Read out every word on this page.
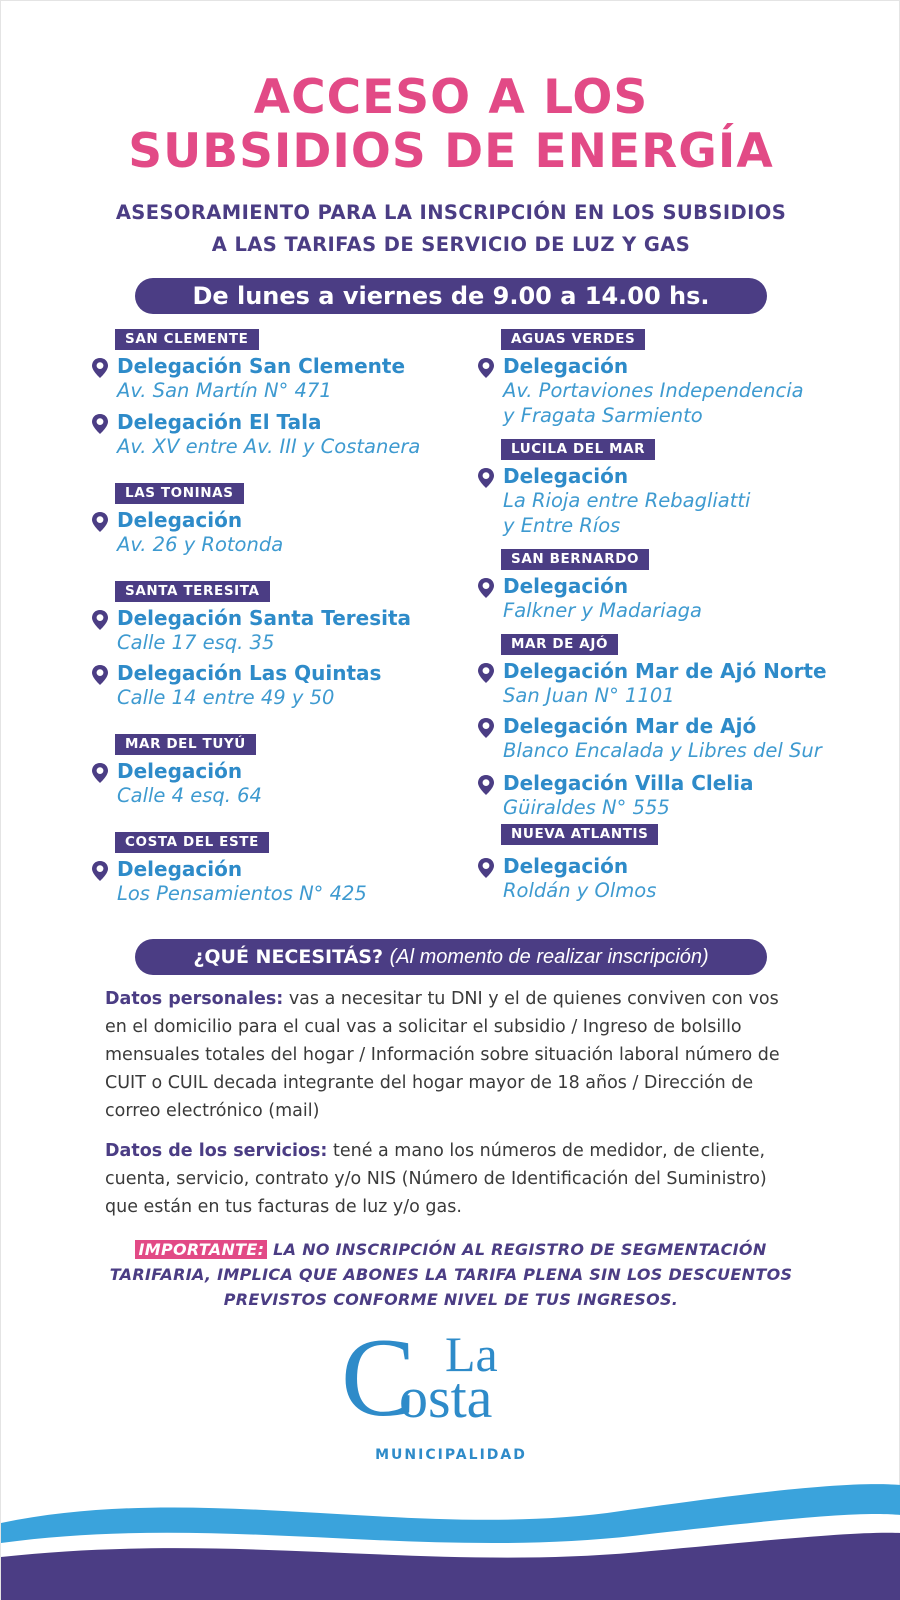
ACCESO A LOS
SUBSIDIOS DE ENERGÍA
ASESORAMIENTO PARA LA INSCRIPCIÓN EN LOS SUBSIDIOS
A LAS TARIFAS DE SERVICIO DE LUZ Y GAS
De lunes a viernes de 9.00 a 14.00 hs.
SAN CLEMENTE
Delegación San Clemente
Av. San Martín N° 471
Delegación El Tala
Av. XV entre Av. III y Costanera
LAS TONINAS
Delegación
Av. 26 y Rotonda
SANTA TERESITA
Delegación Santa Teresita
Calle 17 esq. 35
Delegación Las Quintas
Calle 14 entre 49 y 50
MAR DEL TUYÚ
Delegación
Calle 4 esq. 64
COSTA DEL ESTE
Delegación
Los Pensamientos N° 425
AGUAS VERDES
Delegación
Av. Portaviones Independencia
y Fragata Sarmiento
LUCILA DEL MAR
Delegación
La Rioja entre Rebagliatti
y Entre Ríos
SAN BERNARDO
Delegación
Falkner y Madariaga
MAR DE AJÓ
Delegación Mar de Ajó Norte
San Juan N° 1101
Delegación Mar de Ajó
Blanco Encalada y Libres del Sur
Delegación Villa Clelia
Güiraldes N° 555
NUEVA ATLANTIS
Delegación
Roldán y Olmos
¿QUÉ NECESITÁS? (Al momento de realizar inscripción)

Datos personales: vas a necesitar tu DNI y el de quienes conviven con vos en el domicilio para el cual vas a solicitar el subsidio / Ingreso de bolsillo mensuales totales del hogar / Información sobre situación laboral número de CUIT o CUIL decada integrante del hogar mayor de 18 años / Dirección de correo electrónico (mail)

Datos de los servicios: tené a mano los números de medidor, de cliente, cuenta, servicio, contrato y/o NIS (Número de Identificación del Suministro) que están en tus facturas de luz y/o gas.

IMPORTANTE: LA NO INSCRIPCIÓN AL REGISTRO DE SEGMENTACIÓN TARIFARIA, IMPLICA QUE ABONES LA TARIFA PLENA SIN LOS DESCUENTOS PREVISTOS CONFORME NIVEL DE TUS INGRESOS.
C
osta
La
MUNICIPALIDAD
